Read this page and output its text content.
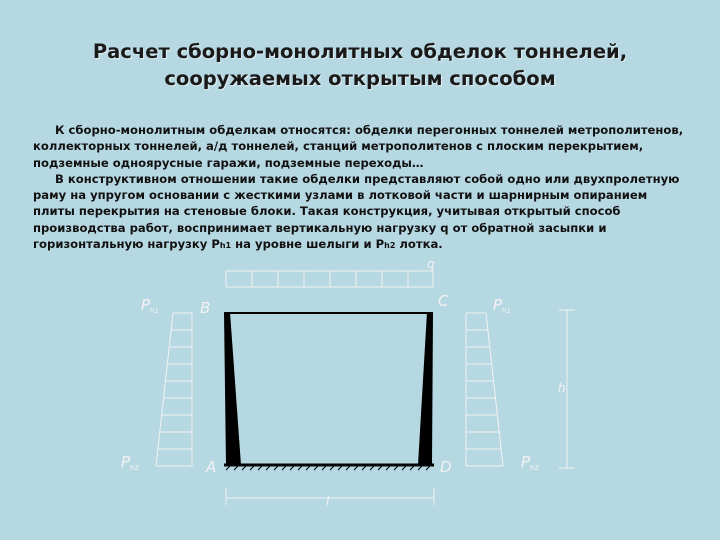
Расчет сборно-монолитных обделок тоннелей,
сооружаемых открытым способом

К сборно-монолитным обделкам относятся: обделки перегонных тоннелей метрополитенов, коллекторных тоннелей, а/д тоннелей, станций метрополитенов с плоским перекрытием, подземные одноярусные гаражи, подземные переходы…

В конструктивном отношении такие обделки представляют собой одно или двухпролетную раму на упругом основании с жесткими узлами в лотковой части и шарнирным опиранием плиты перекрытия на стеновые блоки. Такая конструкция, учитывая открытый способ производства работ, воспринимает вертикальную нагрузку q от обратной засыпки и горизонтальную нагрузку Ph1 на уровне шелыги и Ph2 лотка.

q
B	C
A	D
$P_{h1}$	$P_{h1}$
$P_{h2}$	$P_{h2}$
l
h
